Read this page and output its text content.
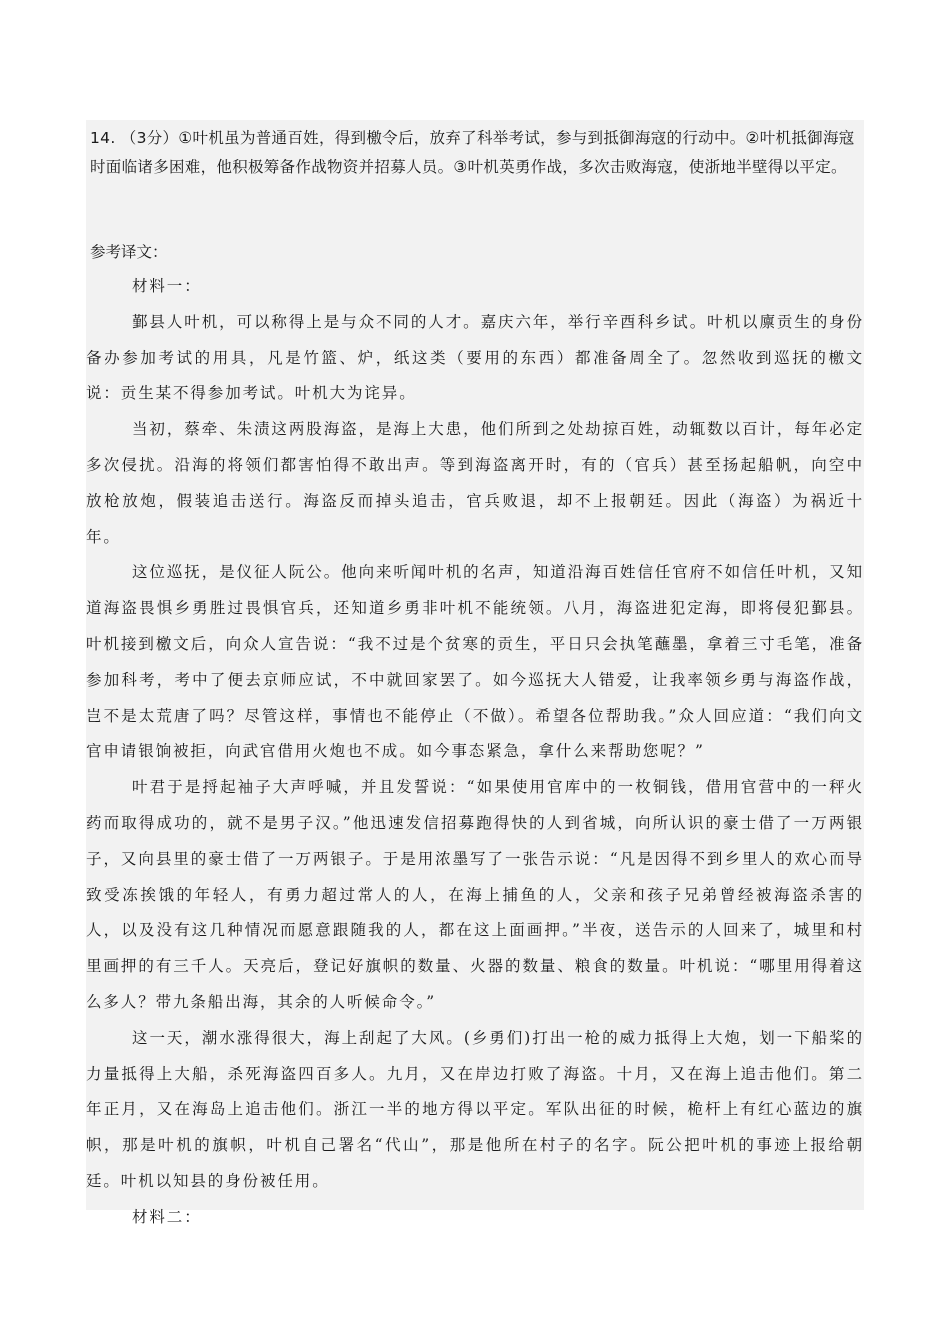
14. （3分）①叶机虽为普通百姓，得到檄令后，放弃了科举考试，参与到抵御海寇的行动中。②叶机抵御海寇时面临诸多困难，他积极筹备作战物资并招募人员。③叶机英勇作战，多次击败海寇，使浙地半壁得以平定。
参考译文：

材料一：

鄞县人叶机，可以称得上是与众不同的人才。嘉庆六年，举行辛酉科乡试。叶机以廪贡生的身份备办参加考试的用具，凡是竹篮、炉，纸这类（要用的东西）都准备周全了。忽然收到巡抚的檄文说：贡生某不得参加考试。叶机大为诧异。

当初，蔡牵、朱渍这两股海盗，是海上大患，他们所到之处劫掠百姓，动辄数以百计，每年必定多次侵扰。沿海的将领们都害怕得不敢出声。等到海盗离开时，有的（官兵）甚至扬起船帆，向空中放枪放炮，假装追击送行。海盗反而掉头追击，官兵败退，却不上报朝廷。因此（海盗）为祸近十年。

这位巡抚，是仪征人阮公。他向来听闻叶机的名声，知道沿海百姓信任官府不如信任叶机，又知道海盗畏惧乡勇胜过畏惧官兵，还知道乡勇非叶机不能统领。八月，海盗进犯定海，即将侵犯鄞县。叶机接到檄文后，向众人宣告说：“我不过是个贫寒的贡生，平日只会执笔蘸墨，拿着三寸毛笔，准备参加科考，考中了便去京师应试，不中就回家罢了。如今巡抚大人错爱，让我率领乡勇与海盗作战，岂不是太荒唐了吗？尽管这样，事情也不能停止（不做）。希望各位帮助我。”众人回应道：“我们向文官申请银饷被拒，向武官借用火炮也不成。如今事态紧急，拿什么来帮助您呢？”

叶君于是捋起袖子大声呼喊，并且发誓说：“如果使用官库中的一枚铜钱，借用官营中的一秤火药而取得成功的，就不是男子汉。”他迅速发信招募跑得快的人到省城，向所认识的豪士借了一万两银子，又向县里的豪士借了一万两银子。于是用浓墨写了一张告示说：“凡是因得不到乡里人的欢心而导致受冻挨饿的年轻人，有勇力超过常人的人，在海上捕鱼的人，父亲和孩子兄弟曾经被海盗杀害的人，以及没有这几种情况而愿意跟随我的人，都在这上面画押。”半夜，送告示的人回来了，城里和村里画押的有三千人。天亮后，登记好旗帜的数量、火器的数量、粮食的数量。叶机说：“哪里用得着这么多人？带九条船出海，其余的人听候命令。”

这一天，潮水涨得很大，海上刮起了大风。(乡勇们)打出一枪的威力抵得上大炮，划一下船桨的力量抵得上大船，杀死海盗四百多人。九月，又在岸边打败了海盗。十月，又在海上追击他们。第二年正月，又在海岛上追击他们。浙江一半的地方得以平定。军队出征的时候，桅杆上有红心蓝边的旗帜，那是叶机的旗帜，叶机自己署名“代山”，那是他所在村子的名字。阮公把叶机的事迹上报给朝廷。叶机以知县的身份被任用。

材料二：
